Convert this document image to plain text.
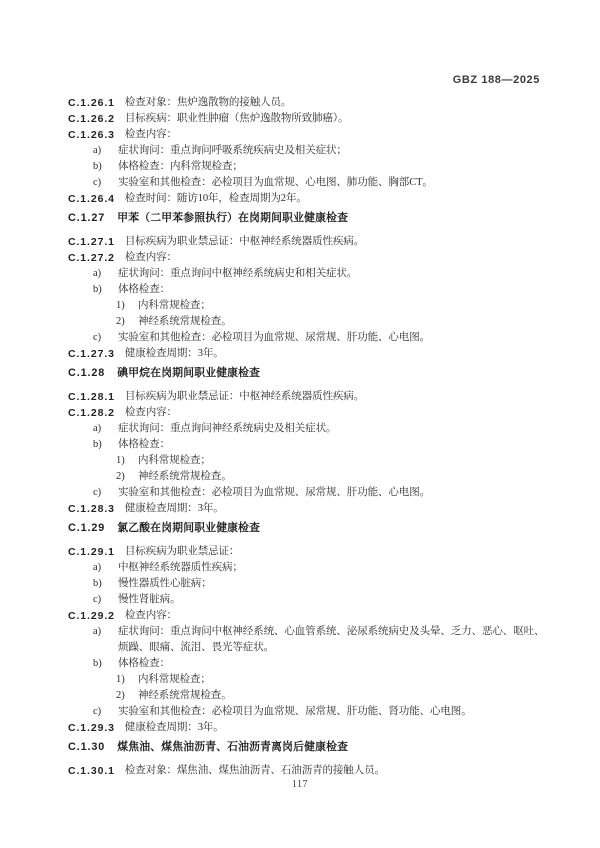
GBZ 188—2025
C.1.26.1 检查对象：焦炉逸散物的接触人员。
C.1.26.2 目标疾病：职业性肿瘤（焦炉逸散物所致肺癌）。
C.1.26.3 检查内容：
a)	症状询问：重点询问呼吸系统疾病史及相关症状；
b)	体格检查：内科常规检查；
c)	实验室和其他检查：必检项目为血常规、心电图、肺功能、胸部CT。
C.1.26.4 检查时间：随访10年，检查周期为2年。
C.1.27 甲苯（二甲苯参照执行）在岗期间职业健康检查
C.1.27.1 目标疾病为职业禁忌证：中枢神经系统器质性疾病。
C.1.27.2 检查内容：
a)	症状询问：重点询问中枢神经系统病史和相关症状。
b)	体格检查：
1)	内科常规检查；
2)	神经系统常规检查。
c)	实验室和其他检查：必检项目为血常规、尿常规、肝功能、心电图。
C.1.27.3 健康检查周期：3年。
C.1.28 碘甲烷在岗期间职业健康检查
C.1.28.1 目标疾病为职业禁忌证：中枢神经系统器质性疾病。
C.1.28.2 检查内容：
a)	症状询问：重点询问神经系统病史及相关症状。
b)	体格检查：
1)	内科常规检查；
2)	神经系统常规检查。
c)	实验室和其他检查：必检项目为血常规、尿常规、肝功能、心电图。
C.1.28.3 健康检查周期：3年。
C.1.29 氯乙酸在岗期间职业健康检查
C.1.29.1 目标疾病为职业禁忌证：
a)	中枢神经系统器质性疾病；
b)	慢性器质性心脏病；
c)	慢性肾脏病。
C.1.29.2 检查内容：
a)	症状询问：重点询问中枢神经系统、心血管系统、泌尿系统病史及头晕、乏力、恶心、呕吐、烦躁、眼痛、流泪、畏光等症状。
b)	体格检查：
1)	内科常规检查；
2)	神经系统常规检查。
c)	实验室和其他检查：必检项目为血常规、尿常规、肝功能、肾功能、心电图。
C.1.29.3 健康检查周期：3年。
C.1.30 煤焦油、煤焦油沥青、石油沥青离岗后健康检查
C.1.30.1 检查对象：煤焦油、煤焦油沥青、石油沥青的接触人员。
117
